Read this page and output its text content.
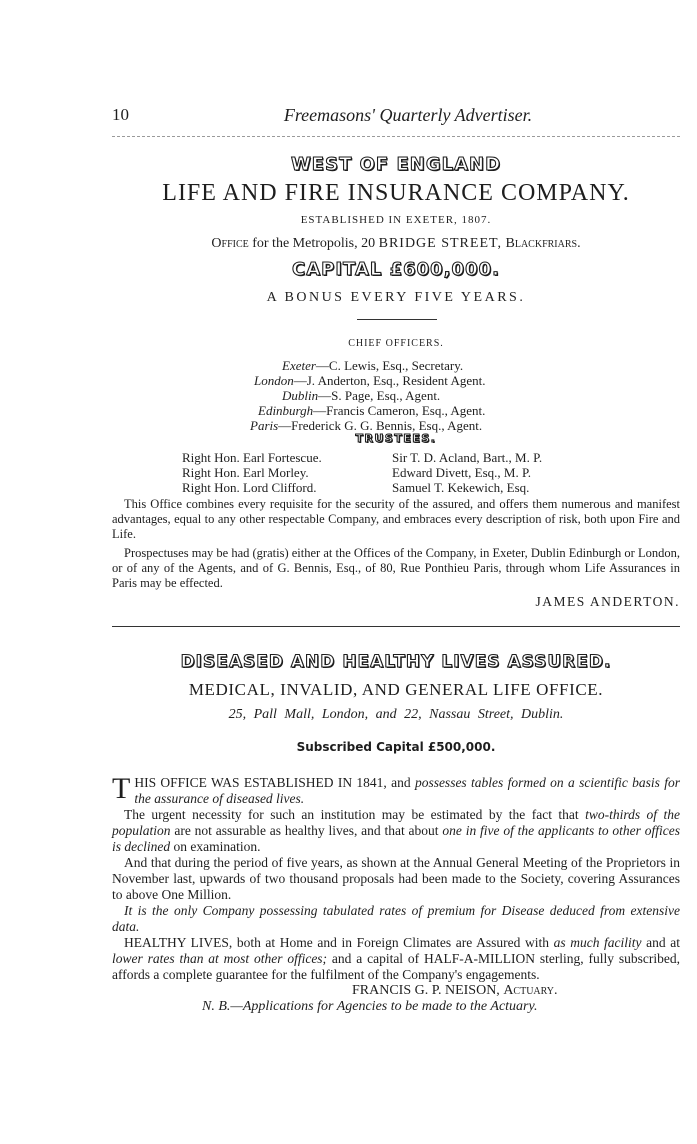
10	Freemasons' Quarterly Advertiser.
WEST OF ENGLAND
LIFE AND FIRE INSURANCE COMPANY.
ESTABLISHED IN EXETER, 1807.
Office for the Metropolis, 20 BRIDGE STREET, Blackfriars.
CAPITAL £600,000.
A BONUS EVERY FIVE YEARS.
CHIEF OFFICERS.
Exeter—C. Lewis, Esq., Secretary.
London—J. Anderton, Esq., Resident Agent.
Dublin—S. Page, Esq., Agent.
Edinburgh—Francis Cameron, Esq., Agent.
Paris—Frederick G. G. Bennis, Esq., Agent.
TRUSTEES.
Right Hon. Earl Fortescue.
Right Hon. Earl Morley.
Right Hon. Lord Clifford.
Sir T. D. Acland, Bart., M. P.
Edward Divett, Esq., M. P.
Samuel T. Kekewich, Esq.
This Office combines every requisite for the security of the assured, and offers them numerous and manifest advantages, equal to any other respectable Company, and embraces every description of risk, both upon Fire and Life.
Prospectuses may be had (gratis) either at the Offices of the Company, in Exeter, Dublin Edinburgh or London, or of any of the Agents, and of G. Bennis, Esq., of 80, Rue Ponthieu Paris, through whom Life Assurances in Paris may be effected.
JAMES ANDERTON.
DISEASED AND HEALTHY LIVES ASSURED.
MEDICAL, INVALID, AND GENERAL LIFE OFFICE.
25, Pall Mall, London, and 22, Nassau Street, Dublin.
Subscribed Capital £500,000.

THIS OFFICE WAS ESTABLISHED IN 1841, and possesses tables formed on a scientific basis for the assurance of diseased lives.

The urgent necessity for such an institution may be estimated by the fact that two-thirds of the population are not assurable as healthy lives, and that about one in five of the applicants to other offices is declined on examination.

And that during the period of five years, as shown at the Annual General Meeting of the Proprietors in November last, upwards of two thousand proposals had been made to the Society, covering Assurances to above One Million.

It is the only Company possessing tabulated rates of premium for Disease deduced from extensive data.

HEALTHY LIVES, both at Home and in Foreign Climates are Assured with as much facility and at lower rates than at most other offices; and a capital of HALF-A-MILLION sterling, fully subscribed, affords a complete guarantee for the fulfilment of the Company's engagements.

FRANCIS G. P. NEISON, Actuary.

N. B.—Applications for Agencies to be made to the Actuary.
